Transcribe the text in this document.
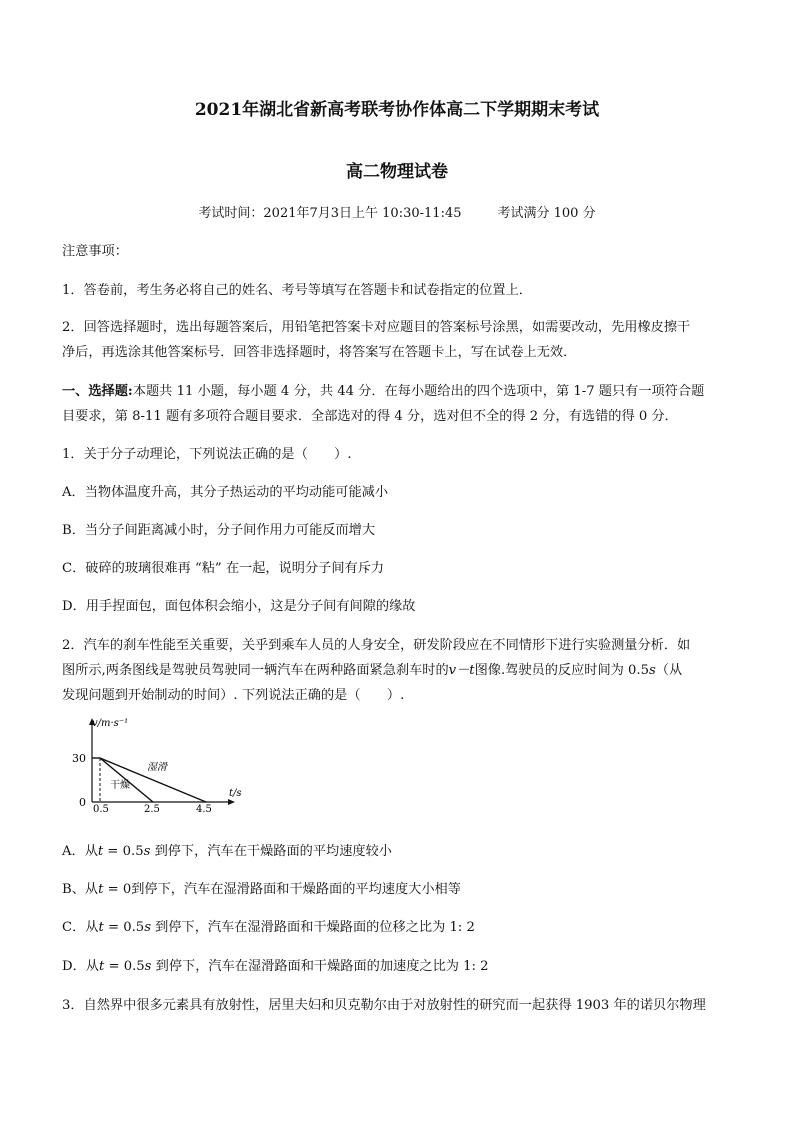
2021年湖北省新高考联考协作体高二下学期期末考试
高二物理试卷
考试时间：2021年7月3日上午 10:30-11:45	考试满分 100 分
注意事项：
1．答卷前，考生务必将自己的姓名、考号等填写在答题卡和试卷指定的位置上．
2．回答选择题时，选出每题答案后，用铅笔把答案卡对应题目的答案标号涂黑，如需要改动，先用橡皮擦干
净后，再选涂其他答案标号．回答非选择题时，将答案写在答题卡上，写在试卷上无效．
一、选择题:本题共 11 小题，每小题 4 分，共 44 分．在每小题给出的四个选项中，第 1-7 题只有一项符合题
目要求，第 8-11 题有多项符合题目要求．全部选对的得 4 分，选对但不全的得 2 分，有选错的得 0 分．
1．关于分子动理论，下列说法正确的是（　　）.
A．当物体温度升高，其分子热运动的平均动能可能减小
B．当分子间距离减小时，分子间作用力可能反而增大
C．破碎的玻璃很难再 “粘” 在一起，说明分子间有斥力
D．用手捏面包，面包体积会缩小，这是分子间有间隙的缘故
2．汽车的刹车性能至关重要，关乎到乘车人员的人身安全，研发阶段应在不同情形下进行实验测量分析．如
图所示,两条图线是驾驶员驾驶同一辆汽车在两种路面紧急刹车时的v－t图像.驾驶员的反应时间为 0.5s（从
发现问题到开始制动的时间）. 下列说法正确的是（　　）.
v/m·s⁻¹
30
0
0.5	2.5	4.5
t/s
湿滑
干燥
A．从t = 0.5s 到停下，汽车在干燥路面的平均速度较小
B、从t = 0到停下，汽车在湿滑路面和干燥路面的平均速度大小相等
C．从t = 0.5s 到停下，汽车在湿滑路面和干燥路面的位移之比为 1: 2
D．从t = 0.5s 到停下，汽车在湿滑路面和干燥路面的加速度之比为 1: 2
3．自然界中很多元素具有放射性，居里夫妇和贝克勒尔由于对放射性的研究而一起获得 1903 年的诺贝尔物理
